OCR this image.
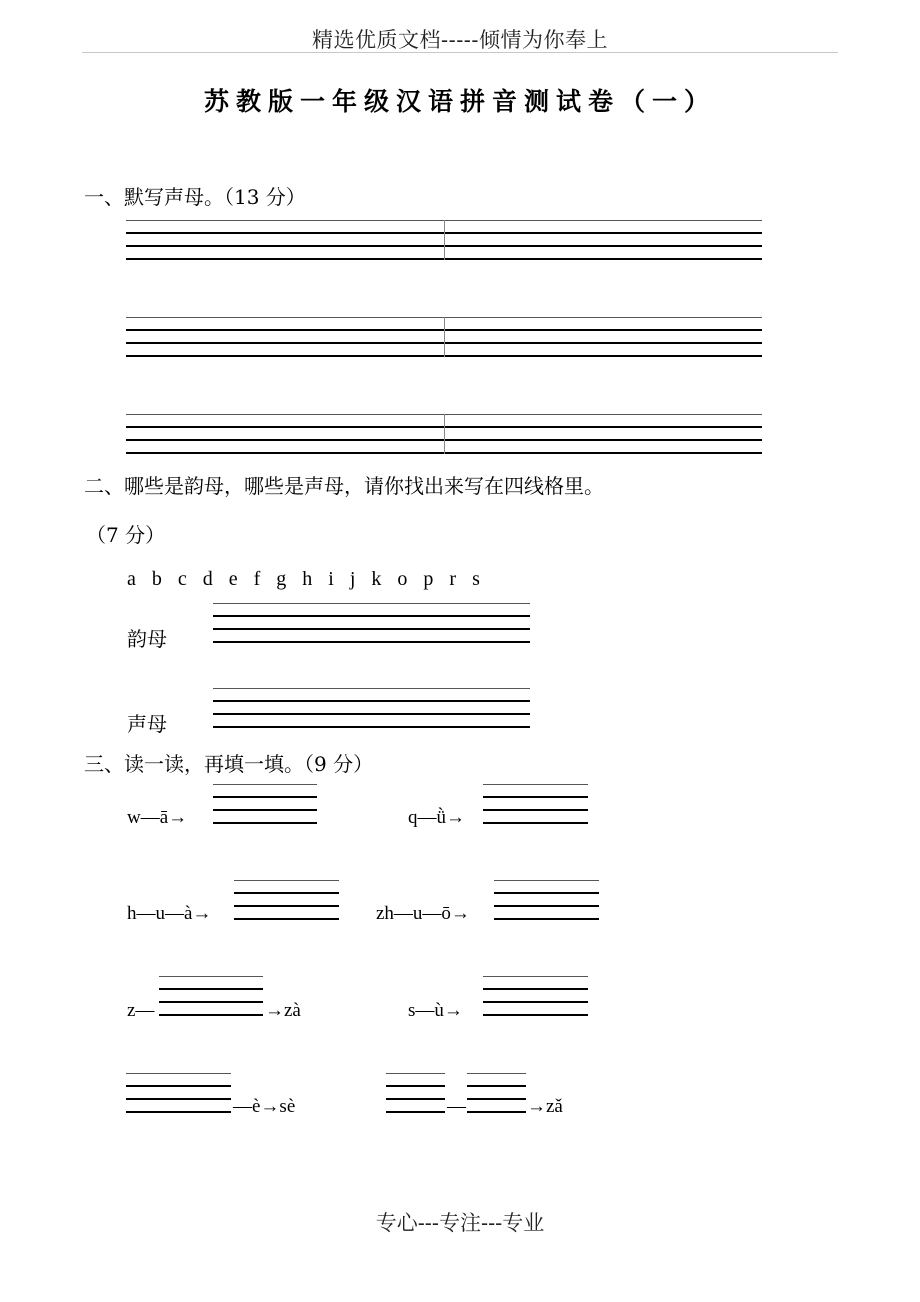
精选优质文档-----倾情为你奉上
苏教版一年级汉语拼音测试卷（一）
一、默写声母。（13 分）
二、哪些是韵母，哪些是声母，请你找出来写在四线格里。
（7 分）
a  b  c  d  e  f  g  h  i  j  k  o  p  r  s
韵母
声母
三、读一读，再填一填。（9 分）
w—ā→	q—ǜ→
h—u—à→	zh—u—ō→
z—	→zà	s—ù→
—è→sè	—	→zǎ
专心---专注---专业
